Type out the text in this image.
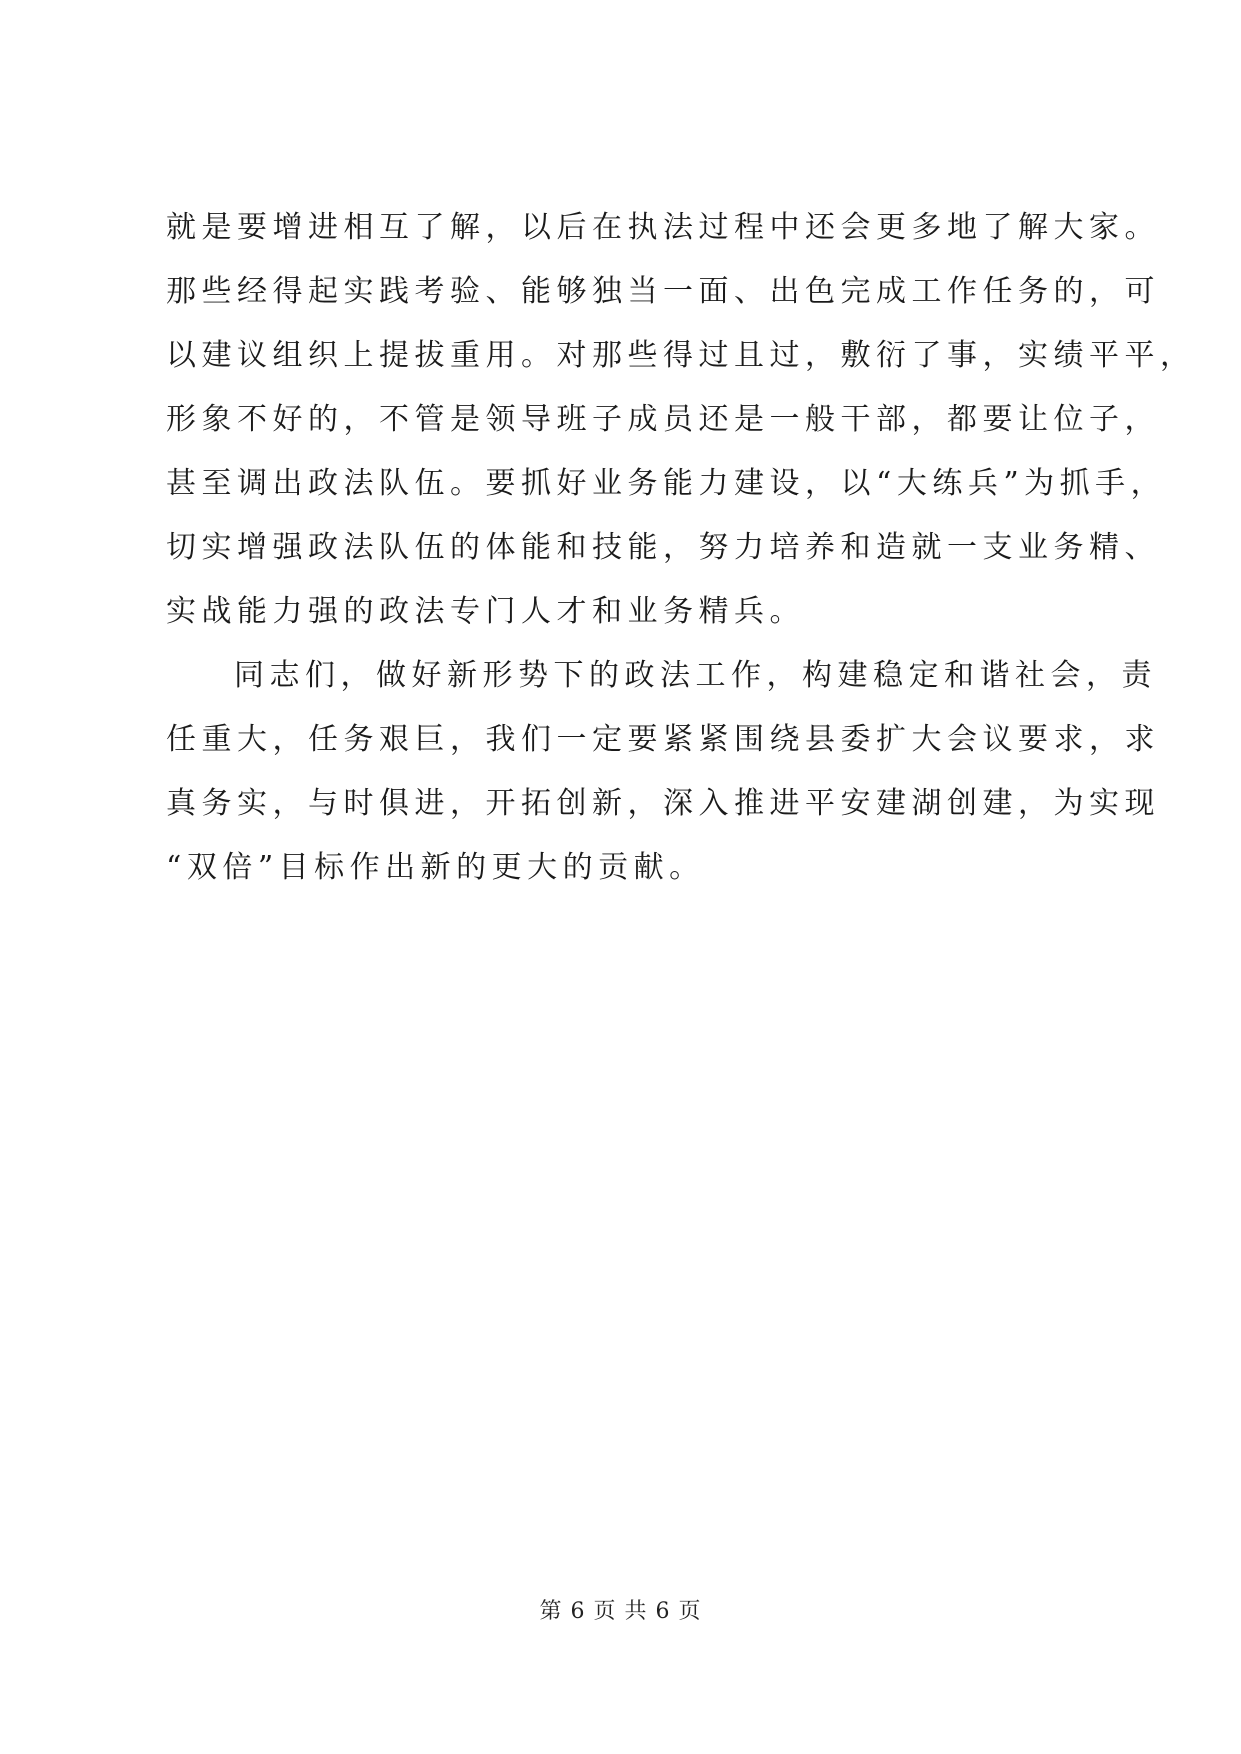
就是要增进相互了解，以后在执法过程中还会更多地了解大家。
那些经得起实践考验、能够独当一面、出色完成工作任务的，可
以建议组织上提拔重用。对那些得过且过，敷衍了事，实绩平平，
形象不好的，不管是领导班子成员还是一般干部，都要让位子，
甚至调出政法队伍。要抓好业务能力建设，以“大练兵”为抓手，
切实增强政法队伍的体能和技能，努力培养和造就一支业务精、
实战能力强的政法专门人才和业务精兵。
同志们，做好新形势下的政法工作，构建稳定和谐社会，责
任重大，任务艰巨，我们一定要紧紧围绕县委扩大会议要求，求
真务实，与时俱进，开拓创新，深入推进平安建湖创建，为实现
“双倍”目标作出新的更大的贡献。
第 6 页 共 6 页
